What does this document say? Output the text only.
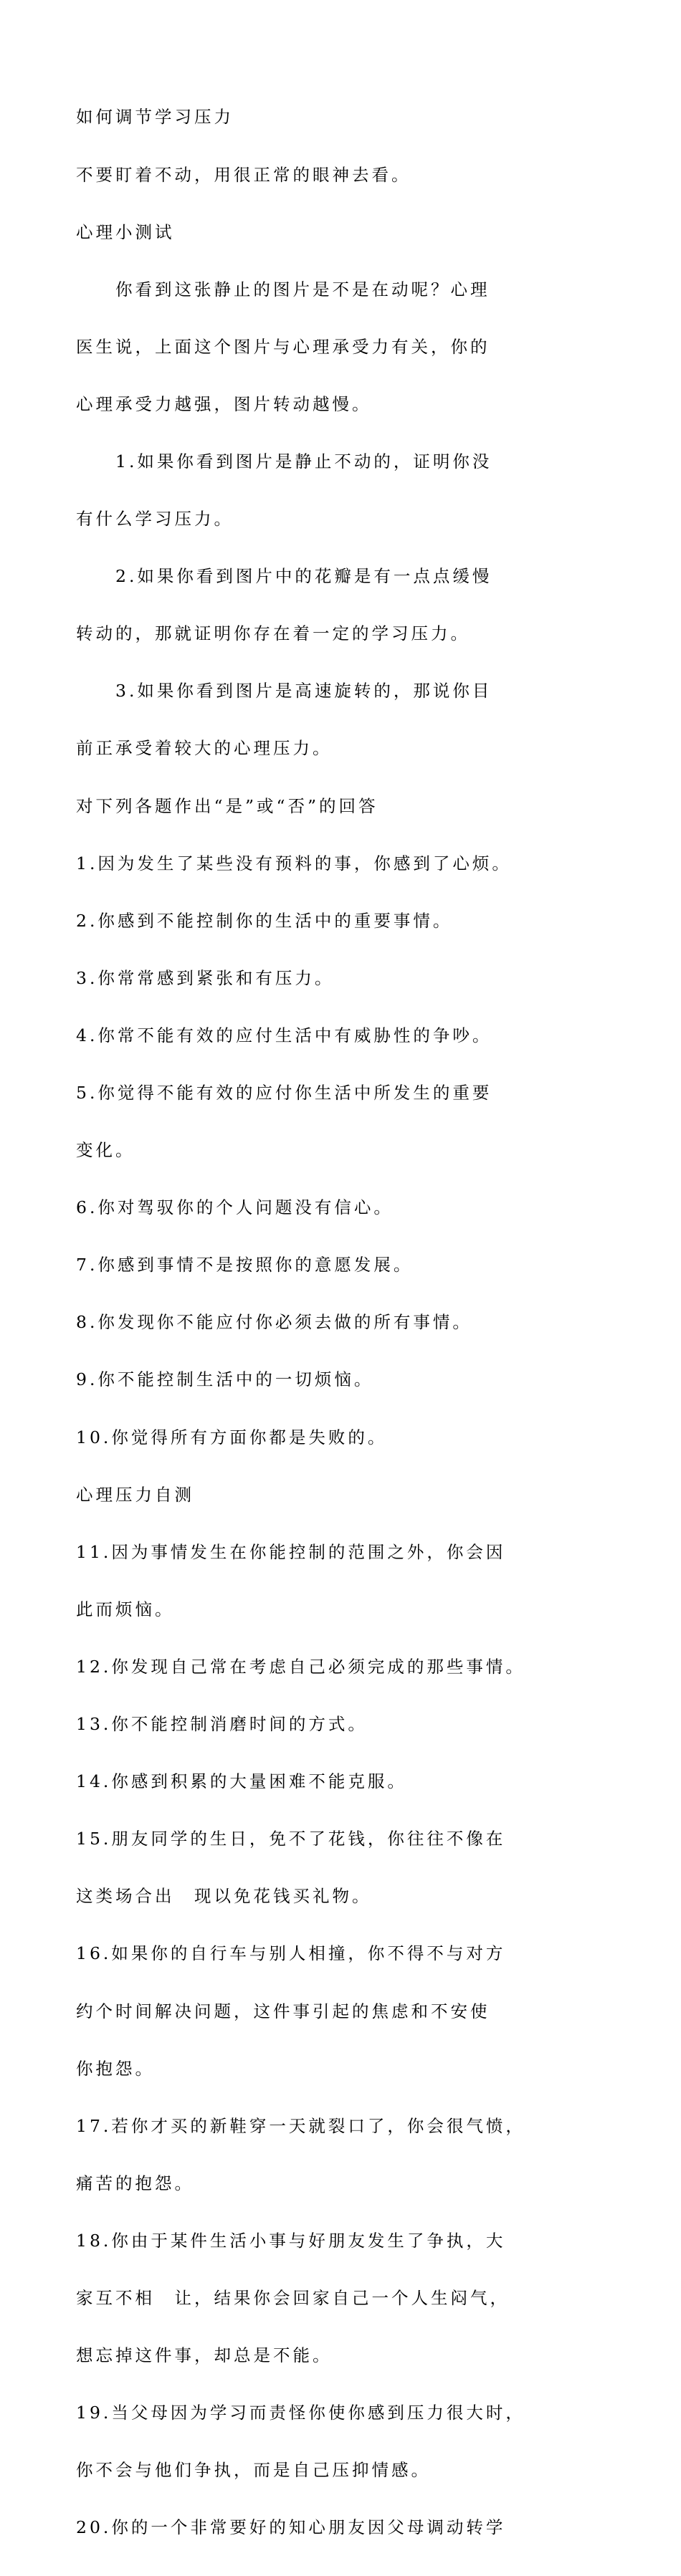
如何调节学习压力

不要盯着不动，用很正常的眼神去看。

心理小测试

　　你看到这张静止的图片是不是在动呢？心理

医生说，上面这个图片与心理承受力有关，你的

心理承受力越强，图片转动越慢。

　　1.如果你看到图片是静止不动的，证明你没

有什么学习压力。

　　2.如果你看到图片中的花瓣是有一点点缓慢

转动的，那就证明你存在着一定的学习压力。

　　3.如果你看到图片是高速旋转的，那说你目

前正承受着较大的心理压力。

对下列各题作出“是”或“否”的回答

1.因为发生了某些没有预料的事，你感到了心烦。

2.你感到不能控制你的生活中的重要事情。

3.你常常感到紧张和有压力。

4.你常不能有效的应付生活中有威胁性的争吵。

5.你觉得不能有效的应付你生活中所发生的重要

变化。

6.你对驾驭你的个人问题没有信心。

7.你感到事情不是按照你的意愿发展。

8.你发现你不能应付你必须去做的所有事情。

9.你不能控制生活中的一切烦恼。

10.你觉得所有方面你都是失败的。

心理压力自测

11.因为事情发生在你能控制的范围之外，你会因

此而烦恼。

12.你发现自己常在考虑自己必须完成的那些事情。

13.你不能控制消磨时间的方式。

14.你感到积累的大量困难不能克服。

15.朋友同学的生日，免不了花钱，你往往不像在

这类场合出　现以免花钱买礼物。

16.如果你的自行车与别人相撞，你不得不与对方

约个时间解决问题，这件事引起的焦虑和不安使

你抱怨。

17.若你才买的新鞋穿一天就裂口了，你会很气愤，

痛苦的抱怨。

18.你由于某件生活小事与好朋友发生了争执，大

家互不相　让，结果你会回家自己一个人生闷气，

想忘掉这件事，却总是不能。

19.当父母因为学习而责怪你使你感到压力很大时，

你不会与他们争执，而是自己压抑情感。

20.你的一个非常要好的知心朋友因父母调动转学
